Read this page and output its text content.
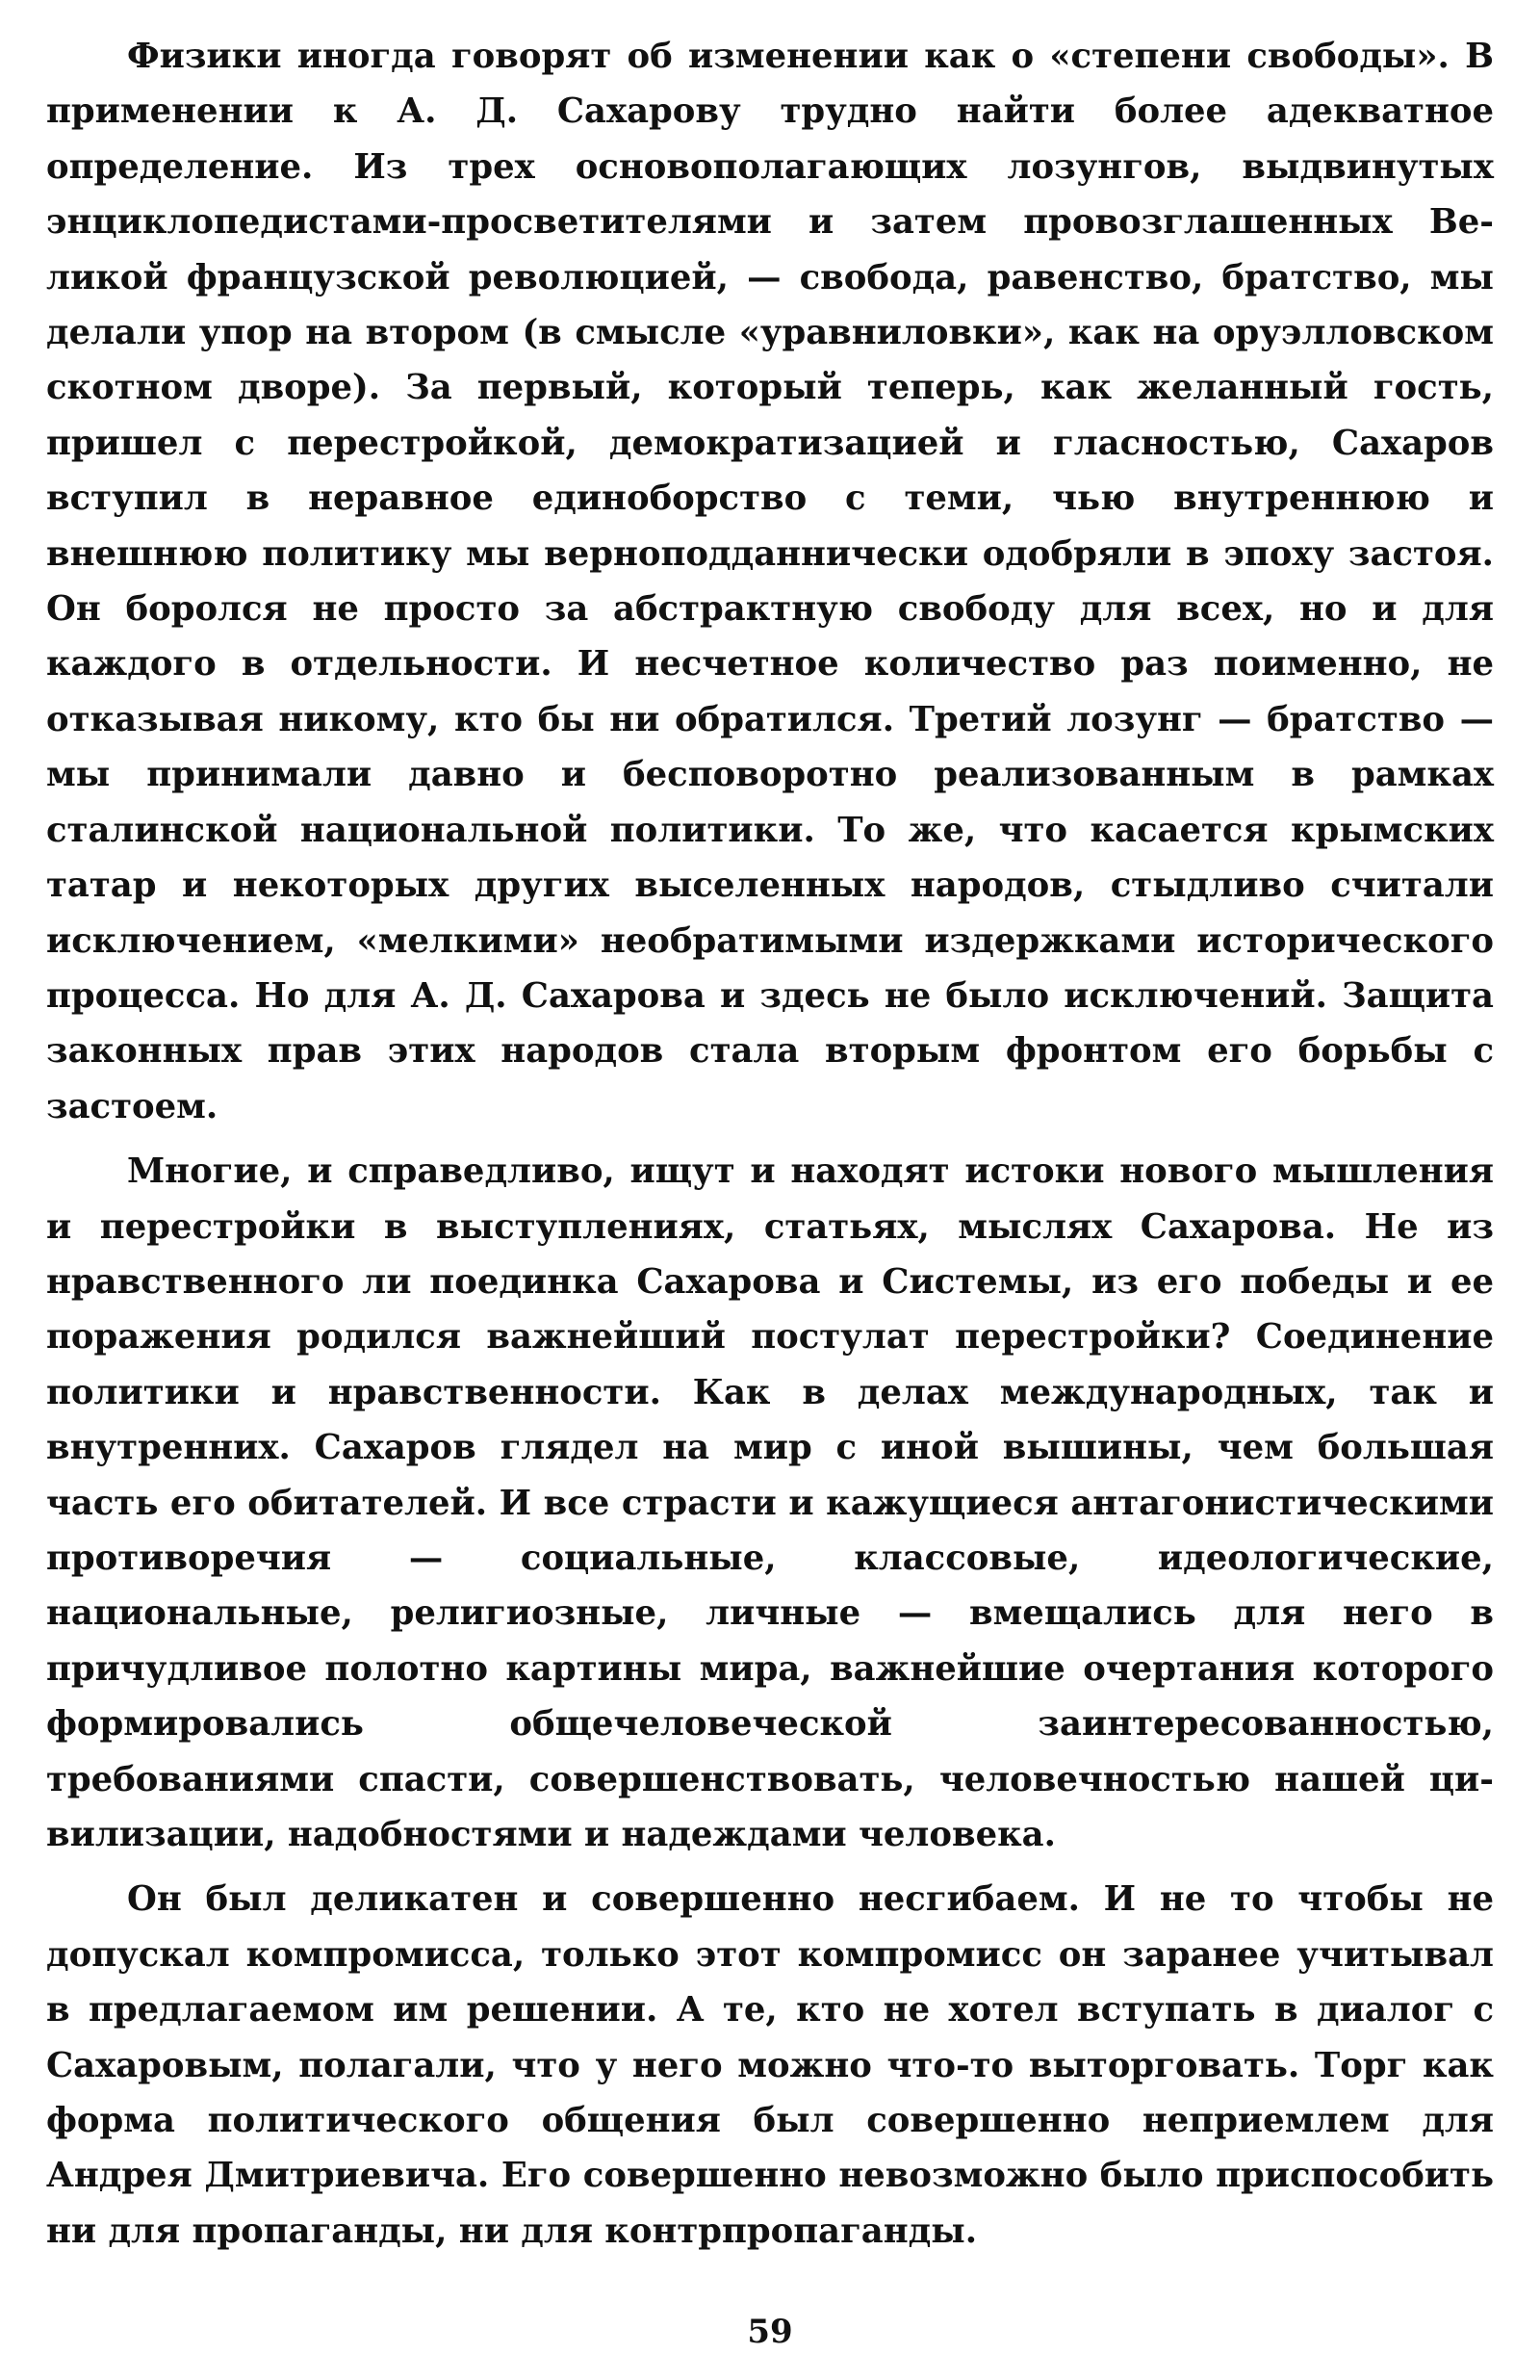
Физики иногда говорят об изменении как о «степени свободы». В применении к А. Д. Сахарову трудно найти более адекватное определение. Из трех основополагающих лозунгов, выдвинутых энциклопедистами-просветителями и затем провозглашенных Великой французской революцией, — свобода, равенство, братство, мы делали упор на втором (в смысле «уравниловки», как на оруэлловском скотном дворе). За первый, который теперь, как желанный гость, пришел с перестройкой, демократизацией и гласностью, Сахаров вступил в неравное единоборство с теми, чью внутреннюю и внешнюю политику мы верноподданнически одобряли в эпоху застоя. Он боролся не просто за абстрактную свободу для всех, но и для каждого в отдельности. И несчетное количество раз поименно, не отказывая никому, кто бы ни обратился. Третий лозунг — братство — мы принимали давно и бесповоротно реализованным в рамках сталинской национальной политики. То же, что касается крымских татар и некоторых других выселенных народов, стыдливо считали исключением, «мелкими» необратимыми издержками исторического процесса. Но для А. Д. Сахарова и здесь не было исключений. Защита законных прав этих народов стала вторым фронтом его борьбы с застоем.

Многие, и справедливо, ищут и находят истоки нового мышления и перестройки в выступлениях, статьях, мыслях Сахарова. Не из нравственного ли поединка Сахарова и Системы, из его победы и ее поражения родился важнейший постулат перестройки? Соединение политики и нравственности. Как в делах международных, так и внутренних. Сахаров глядел на мир с иной вышины, чем большая часть его обитателей. И все страсти и кажущиеся антагонистическими противоречия — социальные, классовые, идеологические, национальные, религиозные, личные — вмещались для него в причудливое полотно картины мира, важнейшие очертания которого формировались общечеловеческой заинтересованностью, требованиями спасти, совершенствовать, человечностью нашей цивилизации, надобностями и надеждами человека.

Он был деликатен и совершенно несгибаем. И не то чтобы не допускал компромисса, только этот компромисс он заранее учитывал в предлагаемом им решении. А те, кто не хотел вступать в диалог с Сахаровым, полагали, что у него можно что-то выторговать. Торг как форма политического общения был совершенно неприемлем для Андрея Дмитриевича. Его совершенно невозможно было приспособить ни для пропаганды, ни для контрпропаганды.

59
